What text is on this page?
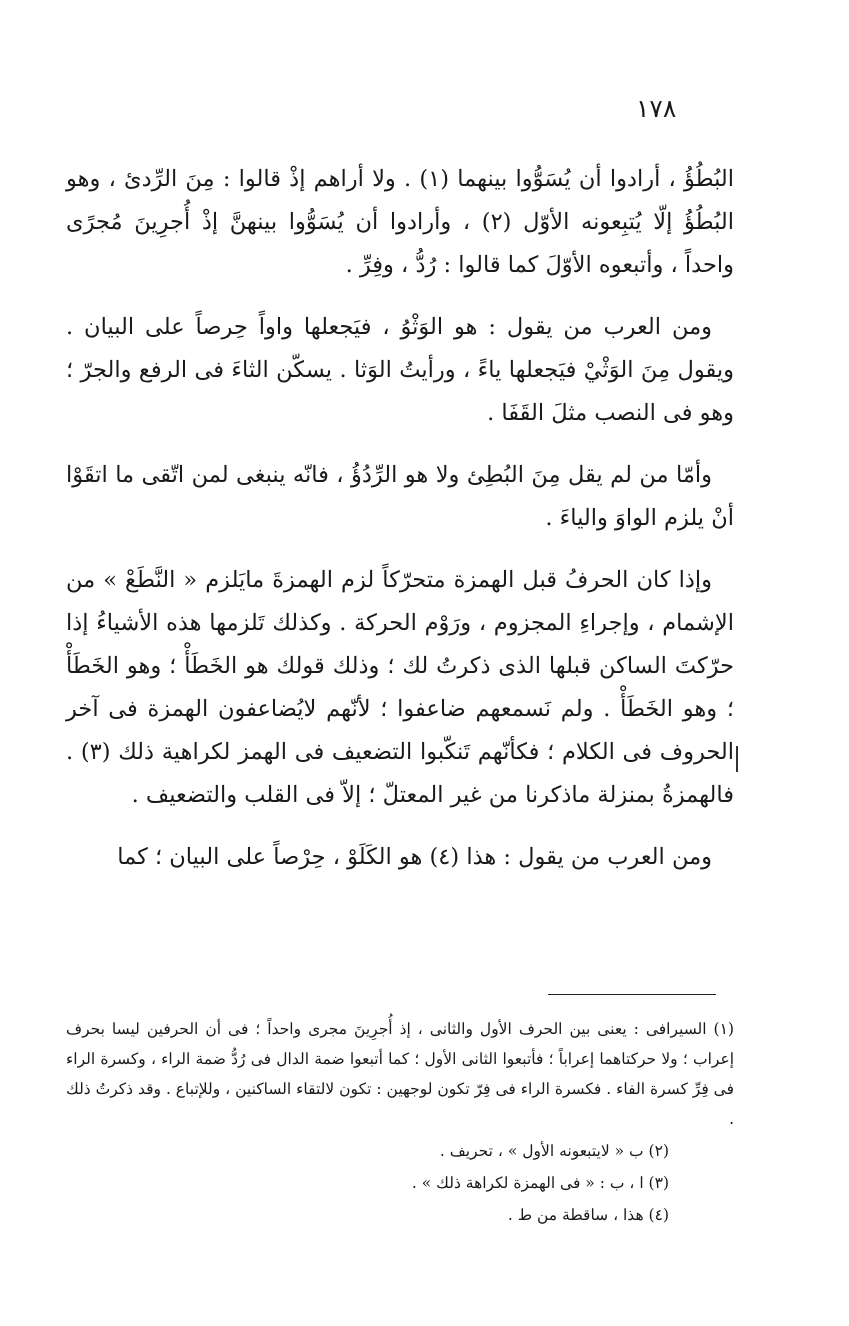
١٧٨

البُطُؤُ ، أرادوا أن يُسَوُّوا بينهما (١) . ولا أراهم إذْ قالوا : مِنَ الرِّدئ ، وهو البُطُؤُ إلّا يُتبِعونه الأوّل (٢) ، وأرادوا أن يُسَوُّوا بينهنَّ إذْ أُجرِينَ مُجرًى واحداً ، وأتبعوه الأوّلَ كما قالوا : رُدُّ ، وفِرِّ .

ومن العرب من يقول : هو الوَثْوُ ، فيَجعلها واواً حِرصاً على البيان . ويقول مِنَ الوَثْيْ فيَجعلها ياءً ، ورأيتُ الوَثا . يسكّن الثاءَ فى الرفع والجرّ ؛ وهو فى النصب مثلَ القَفَا .

وأمّا من لم يقل مِنَ البُطِئ ولا هو الرِّدُؤُ ، فانّه ينبغى لمن اتّقى ما اتقَوْا أنْ يلزم الواوَ والياءَ .

وإذا كان الحرفُ قبل الهمزة متحرّكاً لزم الهمزةَ مايَلزم « النَّطَعْ » من الإشمام ، وإجراءِ المجزوم ، ورَوْم الحركة . وكذلك تَلزمها هذه الأشياءُ إذا حرّكتَ الساكن قبلها الذى ذكرتُ لك ؛ وذلك قولك هو الخَطَأْ ؛ وهو الخَطَأْ ؛ وهو الخَطَأْ . ولم نَسمعهم ضاعفوا ؛ لأنّهم لايُضاعفون الهمزة فى آخر الحروف فى الكلام ؛ فكأنّهم تَنكّبوا التضعيف فى الهمز لكراهية ذلك (٣) . فالهمزةُ بمنزلة ماذكرنا من غير المعتلّ ؛ إلاّ فى القلب والتضعيف .

ومن العرب من يقول : هذا (٤) هو الكَلَوْ ، حِرْصاً على البيان ؛ كما

(١) السيرافى : يعنى بين الحرف الأول والثانى ، إذ أُجرِينَ مجرى واحداً ؛ فى أن الحرفين ليسا بحرف إعراب ؛ ولا حركتاهما إعراباً ؛ فأتبعوا الثانى الأول ؛ كما أتبعوا ضمة الدال فى رُدُّ ضمة الراء ، وكسرة الراء فى فِرِّ كسرة الفاء . فكسرة الراء فى فِرّ تكون لوجهين : تكون لالتقاء الساكنين ، وللإتباع . وقد ذكرتُ ذلك .

(٢) ب « لايتبعونه الأول » ، تحريف .

(٣) ا ، ب : « فى الهمزة لكراهة ذلك » .

(٤) هذا ، ساقطة من ط .
